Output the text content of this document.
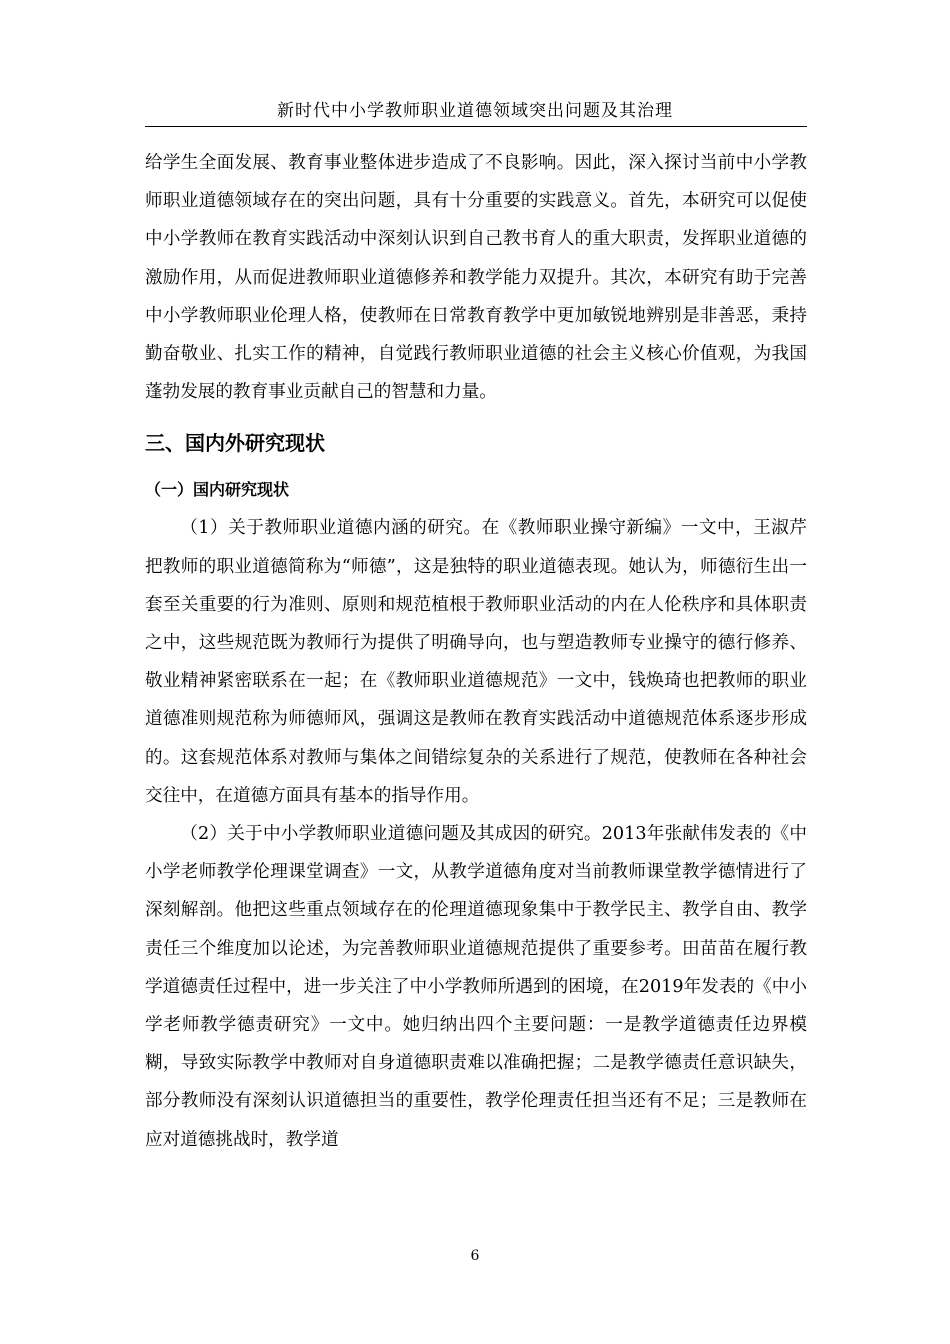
新时代中小学教师职业道德领域突出问题及其治理

给学生全面发展、教育事业整体进步造成了不良影响。因此，深入探讨当前中小学教师职业道德领域存在的突出问题，具有十分重要的实践意义。首先，本研究可以促使中小学教师在教育实践活动中深刻认识到自己教书育人的重大职责，发挥职业道德的激励作用，从而促进教师职业道德修养和教学能力双提升。其次，本研究有助于完善中小学教师职业伦理人格，使教师在日常教育教学中更加敏锐地辨别是非善恶，秉持勤奋敬业、扎实工作的精神，自觉践行教师职业道德的社会主义核心价值观，为我国蓬勃发展的教育事业贡献自己的智慧和力量。

三、国内外研究现状
（一）国内研究现状

（1）关于教师职业道德内涵的研究。在《教师职业操守新编》一文中，王淑芹把教师的职业道德简称为“师德”，这是独特的职业道德表现。她认为，师德衍生出一套至关重要的行为准则、原则和规范植根于教师职业活动的内在人伦秩序和具体职责之中，这些规范既为教师行为提供了明确导向，也与塑造教师专业操守的德行修养、敬业精神紧密联系在一起；在《教师职业道德规范》一文中，钱焕琦也把教师的职业道德准则规范称为师德师风，强调这是教师在教育实践活动中道德规范体系逐步形成的。这套规范体系对教师与集体之间错综复杂的关系进行了规范，使教师在各种社会交往中，在道德方面具有基本的指导作用。

（2）关于中小学教师职业道德问题及其成因的研究。2013年张献伟发表的《中小学老师教学伦理课堂调查》一文，从教学道德角度对当前教师课堂教学德情进行了深刻解剖。他把这些重点领域存在的伦理道德现象集中于教学民主、教学自由、教学责任三个维度加以论述，为完善教师职业道德规范提供了重要参考。田苗苗在履行教学道德责任过程中，进一步关注了中小学教师所遇到的困境，在2019年发表的《中小学老师教学德责研究》一文中。她归纳出四个主要问题：一是教学道德责任边界模糊，导致实际教学中教师对自身道德职责难以准确把握；二是教学德责任意识缺失，部分教师没有深刻认识道德担当的重要性，教学伦理责任担当还有不足；三是教师在应对道德挑战时，教学道

6
